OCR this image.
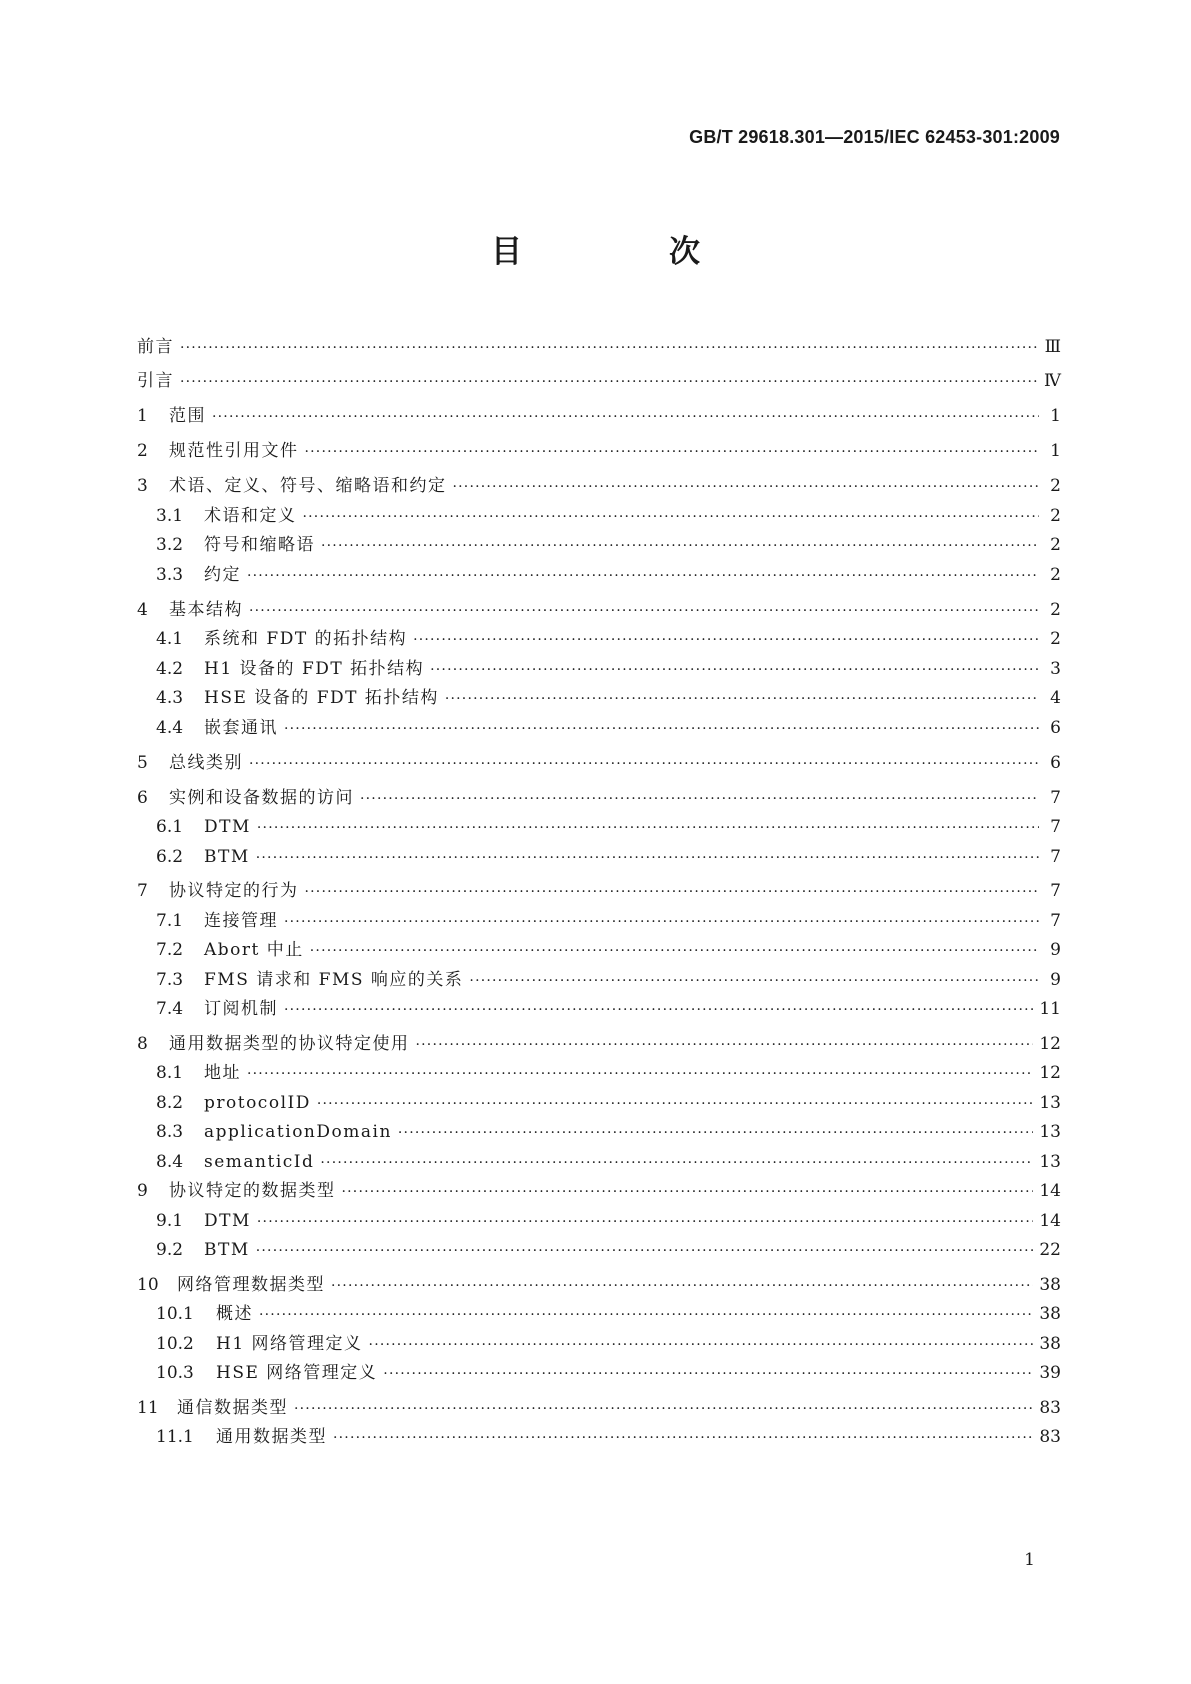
GB/T 29618.301—2015/IEC 62453-301:2009
目　次
前言 ·····	Ⅲ
引言 ·····	Ⅳ
1	范围 ·····	1
2	规范性引用文件 ·····	1
3	术语、定义、符号、缩略语和约定 ·····	2
3.1	术语和定义 ·····	2
3.2	符号和缩略语 ·····	2
3.3	约定 ·····	2
4	基本结构 ·····	2
4.1	系统和 FDT 的拓扑结构 ·····	2
4.2	H1 设备的 FDT 拓扑结构 ·····	3
4.3	HSE 设备的 FDT 拓扑结构 ·····	4
4.4	嵌套通讯 ·····	6
5	总线类别 ·····	6
6	实例和设备数据的访问 ·····	7
6.1	DTM ·····	7
6.2	BTM ·····	7
7	协议特定的行为 ·····	7
7.1	连接管理 ·····	7
7.2	Abort 中止 ·····	9
7.3	FMS 请求和 FMS 响应的关系 ·····	9
7.4	订阅机制 ·····	11
8	通用数据类型的协议特定使用 ·····	12
8.1	地址 ·····	12
8.2	protocolID ·····	13
8.3	applicationDomain ·····	13
8.4	semanticId ·····	13
9	协议特定的数据类型 ·····	14
9.1	DTM ·····	14
9.2	BTM ·····	22
10	网络管理数据类型 ·····	38
10.1	概述 ·····	38
10.2	H1 网络管理定义 ·····	38
10.3	HSE 网络管理定义 ·····	39
11	通信数据类型 ·····	83
11.1	通用数据类型 ·····	83
1
